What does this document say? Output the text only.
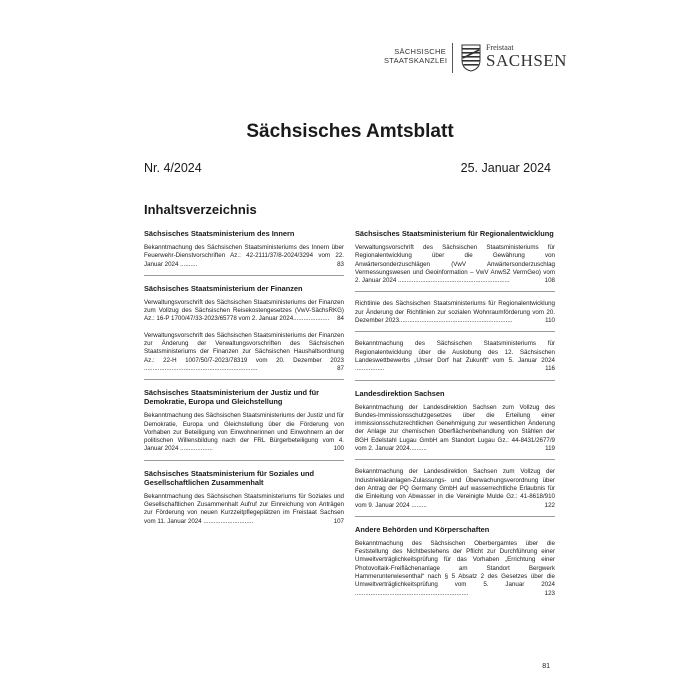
SÄCHSISCHE
STAATSKANZLEI
Freistaat
SACHSEN
Sächsisches Amtsblatt
Nr. 4/2024	25. Januar 2024
Inhaltsverzeichnis
Sächsisches Staatsministerium des Innern
Bekanntmachung des Sächsischen Staatsministeriums des Innern über Feuerwehr-Dienstvorschriften Az.: 42-2111/37/8-2024/3294 vom 22. Januar 2024 ..........	83
Sächsisches Staatsministerium der Finanzen
Verwaltungsvorschrift des Sächsischen Staatsministeriums der Finanzen zum Vollzug des Sächsischen Reisekostengesetzes (VwV-SächsRKG) Az.: 16-P 1700/47/33-2023/65778 vom 2. Januar 2024.....................	84
Verwaltungsvorschrift des Sächsischen Staatsministeriums der Finanzen zur Änderung der Verwaltungsvorschriften des Sächsischen Staatsministeriums der Finanzen zur Sächsischen Haushaltsordnung Az.: 22-H 1007/50/7-2023/78319 vom 20. Dezember 2023 ..................................................................	87
Sächsisches Staatsministerium der Justiz und für Demokratie, Europa und Gleichstellung
Bekanntmachung des Sächsischen Staatsministeriums der Justiz und für Demokratie, Europa und Gleichstellung über die Förderung von Vorhaben zur Beteiligung von Einwohnerinnen und Einwohnern an der politischen Willensbildung nach der FRL Bürgerbeteiligung vom 4. Januar 2024 ...................	100
Sächsisches Staatsministerium für Soziales und Gesellschaftlichen Zusammenhalt
Bekanntmachung des Sächsischen Staatsministeriums für Soziales und Gesellschaftlichen Zusammenhalt Aufruf zur Einreichung von Anträgen zur Förderung von neuen Kurzzeitpflegeplätzen im Freistaat Sachsen vom 11. Januar 2024 .............................	107
Sächsisches Staatsministerium für Regionalentwicklung
Verwaltungsvorschrift des Sächsischen Staatsministeriums für Regionalentwicklung über die Gewährung von Anwärtersonderzuschlägen (VwV Anwärtersonderzuschlag Vermessungswesen und Geoinformation – VwV AnwSZ VermGeo) vom 2. Januar 2024 .................................................................	108
Richtlinie des Sächsischen Staatsministeriums für Regionalentwicklung zur Änderung der Richtlinien zur sozialen Wohnraumförderung vom 20. Dezember 2023..................................................................	110
Bekanntmachung des Sächsischen Staatsministeriums für Regionalentwicklung über die Auslobung des 12. Sächsischen Landeswettbewerbs „Unser Dorf hat Zukunft“ vom 5. Januar 2024 .................	116
Landesdirektion Sachsen
Bekanntmachung der Landesdirektion Sachsen zum Vollzug des Bundes-Immissionsschutzgesetzes über die Erteilung einer immissionsschutzrechtlichen Genehmigung zur wesentlichen Änderung der Anlage zur chemischen Oberflächenbehandlung von Stählen der BGH Edelstahl Lugau GmbH am Standort Lugau Gz.: 44-8431/2677/9 vom 2. Januar 2024..........	119
Bekanntmachung der Landesdirektion Sachsen zum Vollzug der Industriekläranlagen-Zulassungs- und Überwachungsverordnung über den Antrag der PQ Germany GmbH auf wasserrechtliche Erlaubnis für die Einleitung von Abwasser in die Vereinigte Mulde Gz.: 41-8618/910 vom 9. Januar 2024 .........	122
Andere Behörden und Körperschaften
Bekanntmachung des Sächsischen Oberbergamtes über die Feststellung des Nichtbestehens der Pflicht zur Durchführung einer Umweltverträglichkeitsprüfung für das Vorhaben „Errichtung einer Photovoltaik-Freiflächenanlage am Standort Bergwerk Hammerunterwiesenthal“ nach § 5 Absatz 2 des Gesetzes über die Umweltverträglichkeitsprüfung vom 5. Januar 2024 ..................................................................	123
81
